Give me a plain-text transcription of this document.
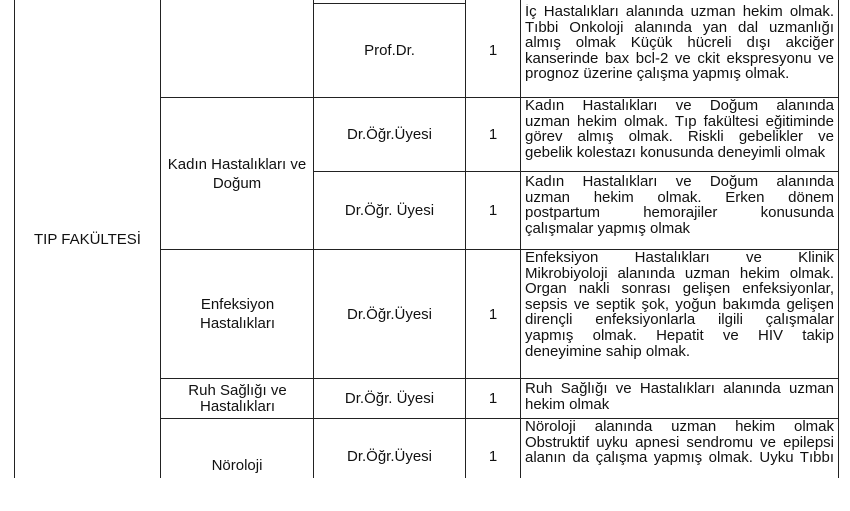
TIP FAKÜLTESİ
Prof.Dr.	1
İç Hastalıkları alanında uzman hekim olmak.
Tıbbi Onkoloji alanında yan dal uzmanlığı
almış olmak Küçük hücreli dışı akciğer
kanserinde bax bcl-2 ve ckit ekspresyonu ve
prognoz üzerine çalışma yapmış olmak.
Kadın Hastalıkları ve Doğum
Dr.Öğr.Üyesi	1
Kadın Hastalıkları ve Doğum alanında
uzman hekim olmak. Tıp fakültesi eğitiminde
görev almış olmak. Riskli gebelikler ve
gebelik kolestazı konusunda deneyimli olmak
Dr.Öğr. Üyesi	1
Kadın Hastalıkları ve Doğum alanında
uzman hekim olmak. Erken dönem
postpartum hemorajiler konusunda
çalışmalar yapmış olmak
Enfeksiyon Hastalıkları
Dr.Öğr.Üyesi	1
Enfeksiyon Hastalıkları ve Klinik
Mikrobiyoloji alanında uzman hekim olmak.
Organ nakli sonrası gelişen enfeksiyonlar,
sepsis ve septik şok, yoğun bakımda gelişen
dirençli enfeksiyonlarla ilgili çalışmalar
yapmış olmak. Hepatit ve HIV takip
deneyimine sahip olmak.
Ruh Sağlığı ve Hastalıkları	Dr.Öğr. Üyesi	1
Ruh Sağlığı ve Hastalıkları alanında uzman
hekim olmak
Nöroloji
Dr.Öğr.Üyesi	1
Nöroloji alanında uzman hekim olmak
Obstruktif uyku apnesi sendromu ve epilepsi
alanın da çalışma yapmış olmak. Uyku Tıbbı
